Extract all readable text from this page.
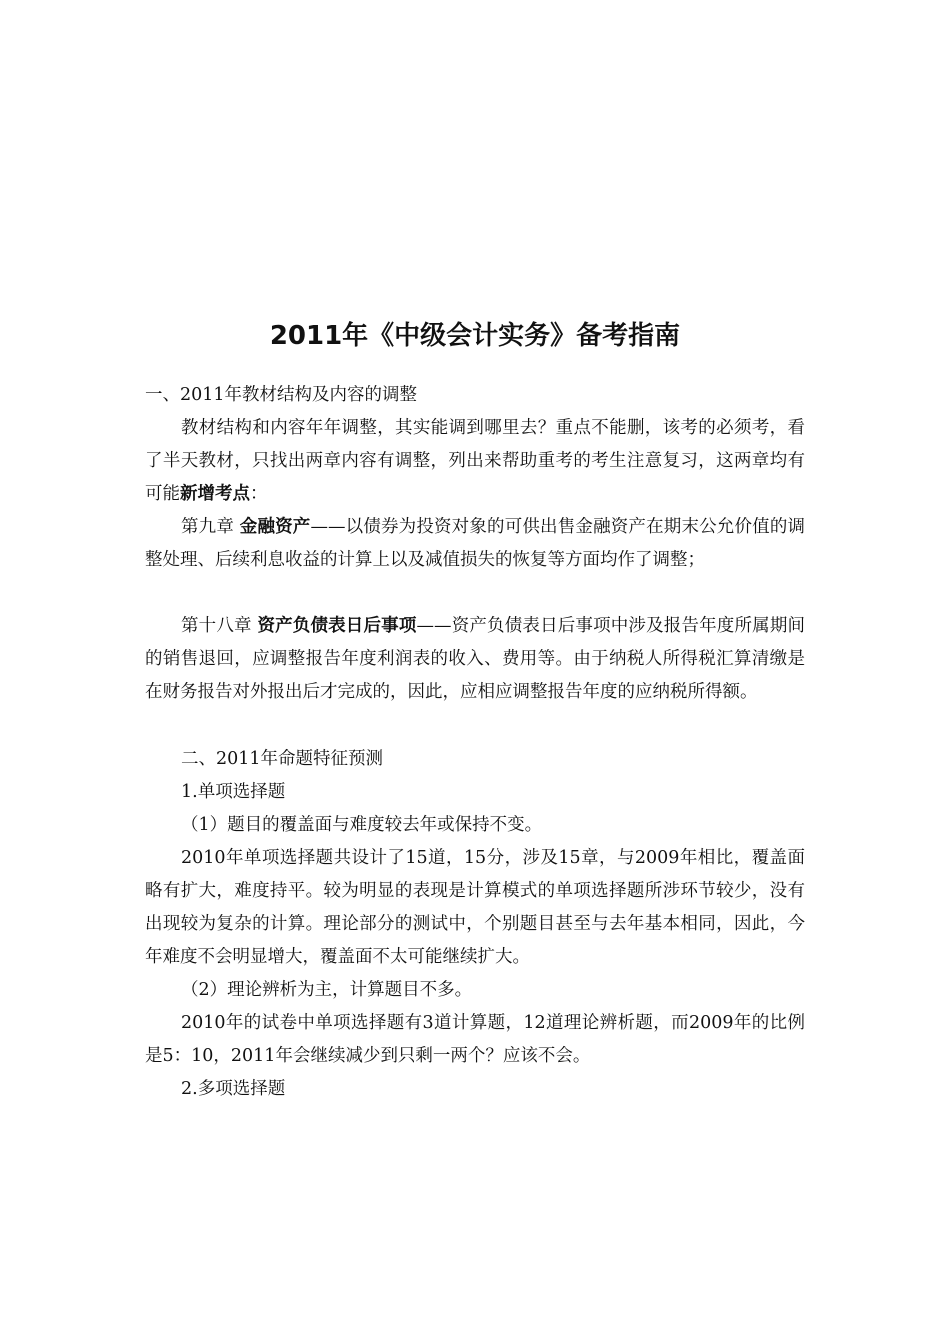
2011年《中级会计实务》备考指南

一、2011年教材结构及内容的调整

教材结构和内容年年调整，其实能调到哪里去？重点不能删，该考的必须考，看了半天教材，只找出两章内容有调整，列出来帮助重考的考生注意复习，这两章均有可能新增考点：

第九章 金融资产——以债券为投资对象的可供出售金融资产在期末公允价值的调整处理、后续利息收益的计算上以及减值损失的恢复等方面均作了调整；

第十八章 资产负债表日后事项——资产负债表日后事项中涉及报告年度所属期间的销售退回，应调整报告年度利润表的收入、费用等。由于纳税人所得税汇算清缴是在财务报告对外报出后才完成的，因此，应相应调整报告年度的应纳税所得额。

二、2011年命题特征预测

1.单项选择题

（1）题目的覆盖面与难度较去年或保持不变。

2010年单项选择题共设计了15道，15分，涉及15章，与2009年相比，覆盖面略有扩大，难度持平。较为明显的表现是计算模式的单项选择题所涉环节较少，没有出现较为复杂的计算。理论部分的测试中，个别题目甚至与去年基本相同，因此，今年难度不会明显增大，覆盖面不太可能继续扩大。

（2）理论辨析为主，计算题目不多。

2010年的试卷中单项选择题有3道计算题，12道理论辨析题，而2009年的比例是5：10，2011年会继续减少到只剩一两个？应该不会。

2.多项选择题
